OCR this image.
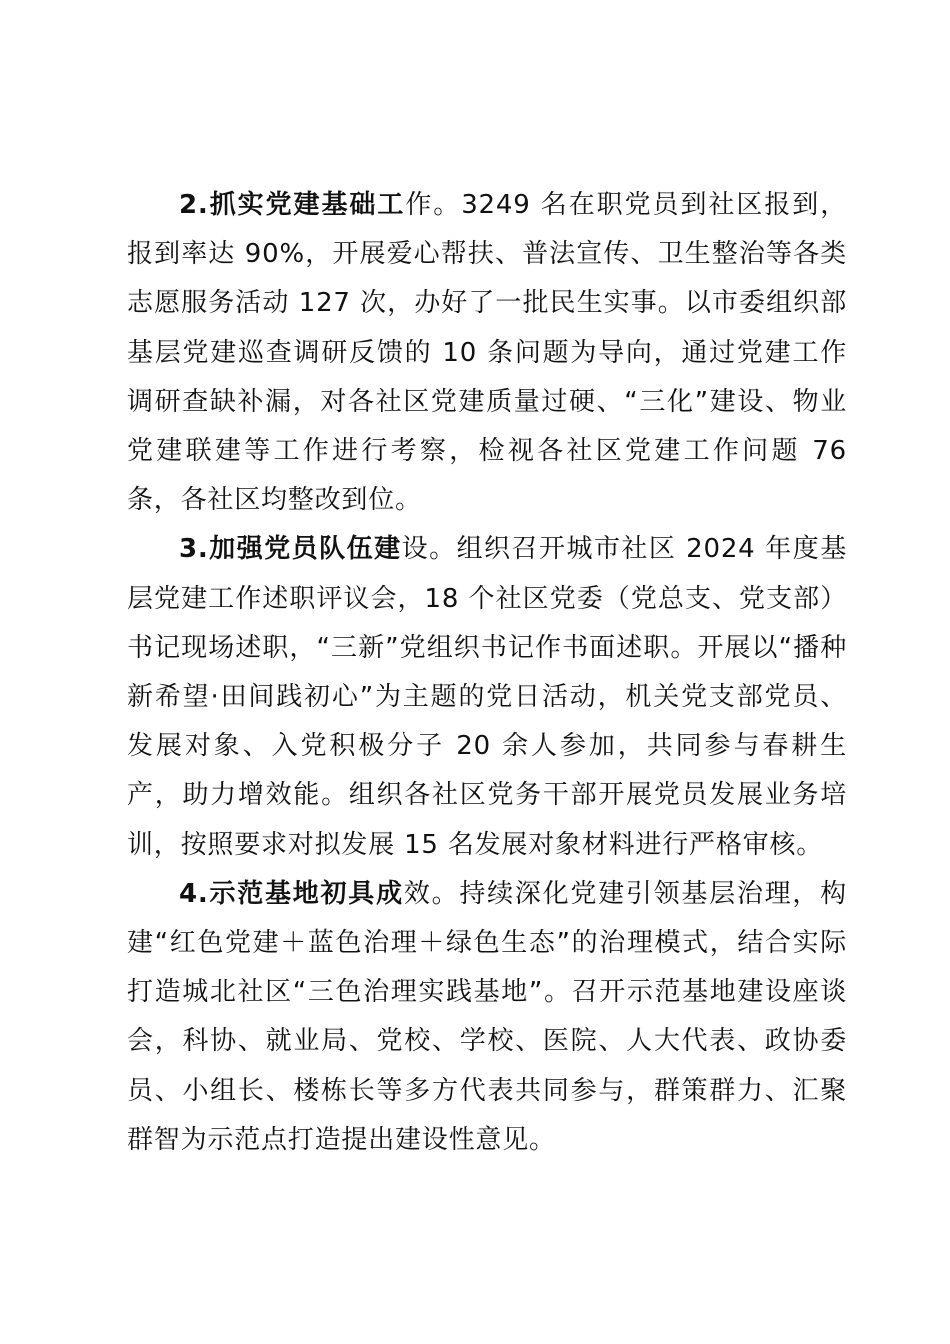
2.抓实党建基础工作。3249 名在职党员到社区报到，报到率达 90%，开展爱心帮扶、普法宣传、卫生整治等各类志愿服务活动 127 次，办好了一批民生实事。以市委组织部基层党建巡查调研反馈的 10 条问题为导向，通过党建工作调研查缺补漏，对各社区党建质量过硬、“三化”建设、物业党建联建等工作进行考察，检视各社区党建工作问题 76 条，各社区均整改到位。

3.加强党员队伍建设。组织召开城市社区 2024 年度基层党建工作述职评议会，18 个社区党委（党总支、党支部）书记现场述职，“三新”党组织书记作书面述职。开展以“播种新希望·田间践初心”为主题的党日活动，机关党支部党员、发展对象、入党积极分子 20 余人参加，共同参与春耕生产，助力增效能。组织各社区党务干部开展党员发展业务培训，按照要求对拟发展 15 名发展对象材料进行严格审核。

4.示范基地初具成效。持续深化党建引领基层治理，构建“红色党建＋蓝色治理＋绿色生态”的治理模式，结合实际打造城北社区“三色治理实践基地”。召开示范基地建设座谈会，科协、就业局、党校、学校、医院、人大代表、政协委员、小组长、楼栋长等多方代表共同参与，群策群力、汇聚群智为示范点打造提出建设性意见。
